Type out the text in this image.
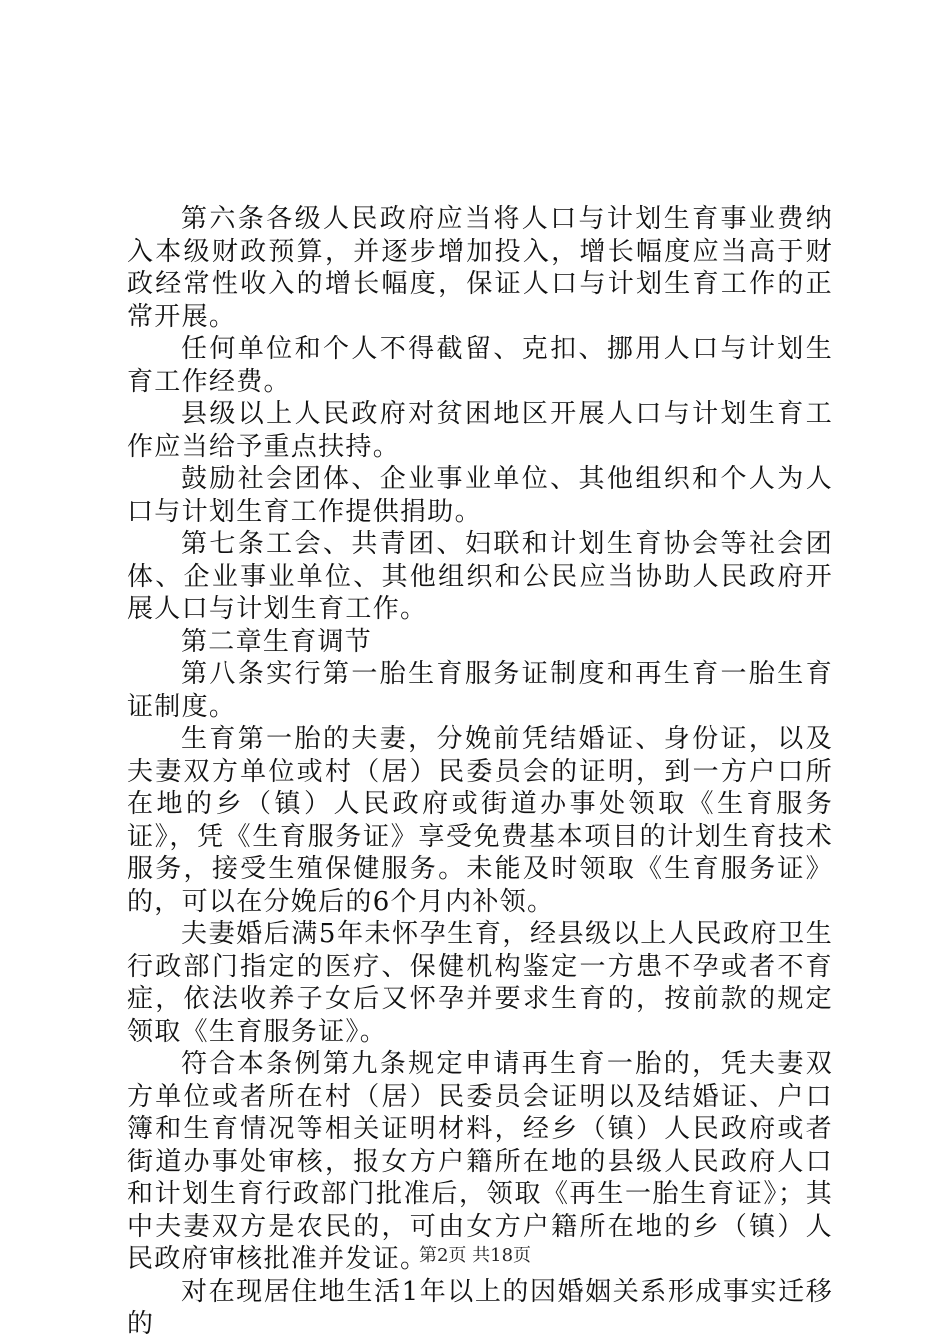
第六条各级人民政府应当将人口与计划生育事业费纳入本级财政预算，并逐步增加投入，增长幅度应当高于财政经常性收入的增长幅度，保证人口与计划生育工作的正常开展。

任何单位和个人不得截留、克扣、挪用人口与计划生育工作经费。

县级以上人民政府对贫困地区开展人口与计划生育工作应当给予重点扶持。

鼓励社会团体、企业事业单位、其他组织和个人为人口与计划生育工作提供捐助。

第七条工会、共青团、妇联和计划生育协会等社会团体、企业事业单位、其他组织和公民应当协助人民政府开展人口与计划生育工作。

第二章生育调节

第八条实行第一胎生育服务证制度和再生育一胎生育证制度。

生育第一胎的夫妻，分娩前凭结婚证、身份证，以及夫妻双方单位或村（居）民委员会的证明，到一方户口所在地的乡（镇）人民政府或街道办事处领取《生育服务证》，凭《生育服务证》享受免费基本项目的计划生育技术服务，接受生殖保健服务。未能及时领取《生育服务证》的，可以在分娩后的6个月内补领。

夫妻婚后满5年未怀孕生育，经县级以上人民政府卫生行政部门指定的医疗、保健机构鉴定一方患不孕或者不育症，依法收养子女后又怀孕并要求生育的，按前款的规定领取《生育服务证》。

符合本条例第九条规定申请再生育一胎的，凭夫妻双方单位或者所在村（居）民委员会证明以及结婚证、户口簿和生育情况等相关证明材料，经乡（镇）人民政府或者街道办事处审核，报女方户籍所在地的县级人民政府人口和计划生育行政部门批准后，领取《再生一胎生育证》；其中夫妻双方是农民的，可由女方户籍所在地的乡（镇）人民政府审核批准并发证。

对在现居住地生活1年以上的因婚姻关系形成事实迁移的

第2页 共18页
